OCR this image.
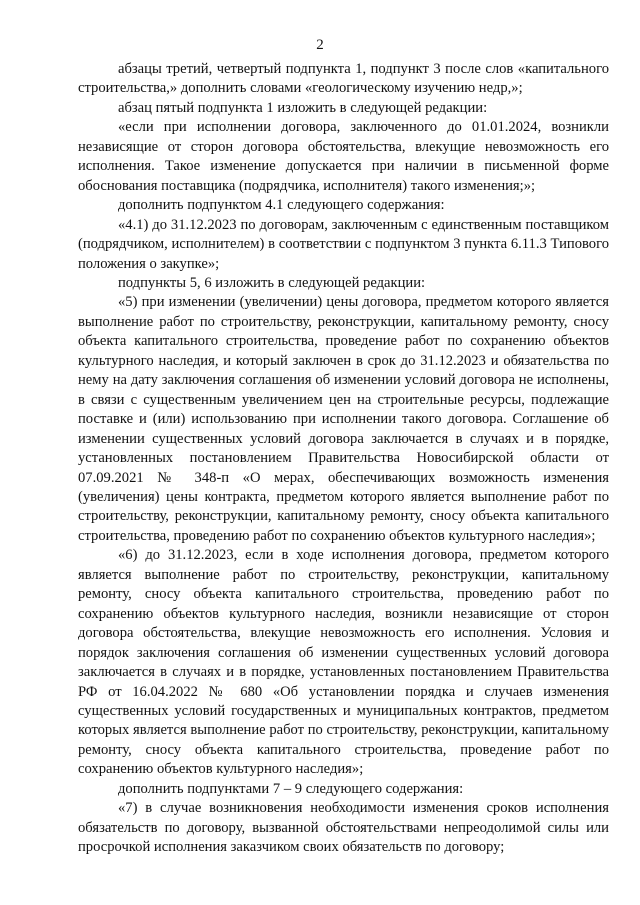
2

абзацы третий, четвертый подпункта 1, подпункт 3 после слов «капитального строительства,» дополнить словами «геологическому изучению недр,»;

абзац пятый подпункта 1 изложить в следующей редакции:

«если при исполнении договора, заключенного до 01.01.2024, возникли независящие от сторон договора обстоятельства, влекущие невозможность его исполнения. Такое изменение допускается при наличии в письменной форме обоснования поставщика (подрядчика, исполнителя) такого изменения;»;

дополнить подпунктом 4.1 следующего содержания:

«4.1) до 31.12.2023 по договорам, заключенным с единственным поставщиком (подрядчиком, исполнителем) в соответствии с подпунктом 3 пункта 6.11.3 Типового положения о закупке»;

подпункты 5, 6 изложить в следующей редакции:

«5) при изменении (увеличении) цены договора, предметом которого является выполнение работ по строительству, реконструкции, капитальному ремонту, сносу объекта капитального строительства, проведение работ по сохранению объектов культурного наследия, и который заключен в срок до 31.12.2023 и обязательства по нему на дату заключения соглашения об изменении условий договора не исполнены, в связи с существенным увеличением цен на строительные ресурсы, подлежащие поставке и (или) использованию при исполнении такого договора. Соглашение об изменении существенных условий договора заключается в случаях и в порядке, установленных постановлением Правительства Новосибирской области от 07.09.2021 № 348-п «О мерах, обеспечивающих возможность изменения (увеличения) цены контракта, предметом которого является выполнение работ по строительству, реконструкции, капитальному ремонту, сносу объекта капитального строительства, проведению работ по сохранению объектов культурного наследия»;

«6) до 31.12.2023, если в ходе исполнения договора, предметом которого является выполнение работ по строительству, реконструкции, капитальному ремонту, сносу объекта капитального строительства, проведению работ по сохранению объектов культурного наследия, возникли независящие от сторон договора обстоятельства, влекущие невозможность его исполнения. Условия и порядок заключения соглашения об изменении существенных условий договора заключается в случаях и в порядке, установленных постановлением Правительства РФ от 16.04.2022 № 680 «Об установлении порядка и случаев изменения существенных условий государственных и муниципальных контрактов, предметом которых является выполнение работ по строительству, реконструкции, капитальному ремонту, сносу объекта капитального строительства, проведение работ по сохранению объектов культурного наследия»;

дополнить подпунктами 7 – 9 следующего содержания:

«7) в случае возникновения необходимости изменения сроков исполнения обязательств по договору, вызванной обстоятельствами непреодолимой силы или просрочкой исполнения заказчиком своих обязательств по договору;
